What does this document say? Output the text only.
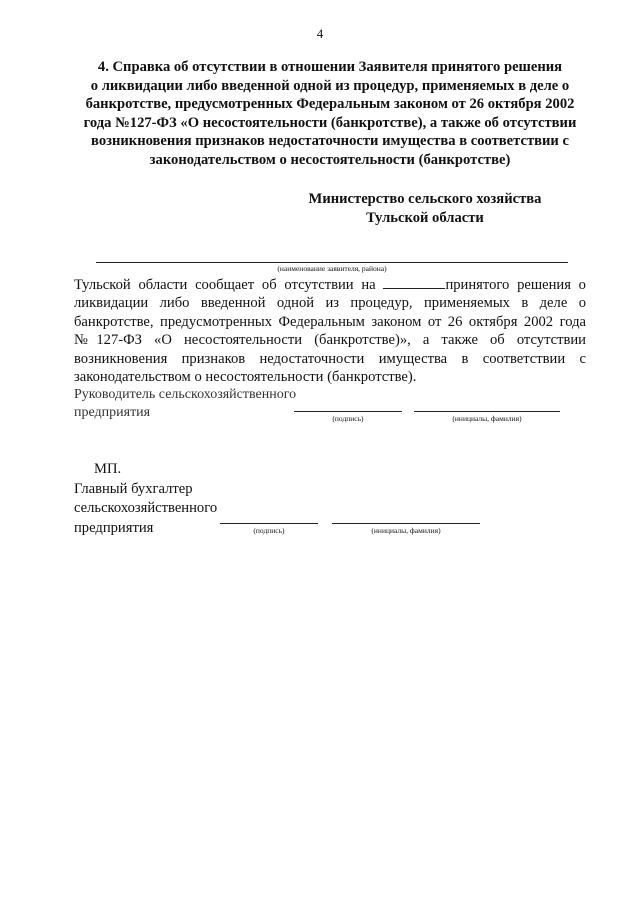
4
4. Справка об отсутствии в отношении Заявителя принятого решения
о ликвидации либо введенной одной из процедур, применяемых в деле о
банкротстве, предусмотренных Федеральным законом от 26 октября 2002
года №127-ФЗ «О несостоятельности (банкротстве), а также об отсутствии
возникновения признаков недостаточности имущества в соответствии с
законодательством о несостоятельности (банкротстве)
Министерство сельского хозяйства
Тульской области
(наименование заявителя, района)
Тульской области сообщает об отсутствии на	принятого решения о ликвидации либо введенной одной из процедур, применяемых в деле о банкротстве, предусмотренных Федеральным законом от 26 октября 2002 года №127-ФЗ «О несостоятельности (банкротстве)», а также об отсутствии возникновения признаков недостаточности имущества в соответствии с законодательством о несостоятельности (банкротстве).
Руководитель сельскохозяйственного
предприятия	(подпись)	(инициалы, фамилия)
МП.
Главный бухгалтер
сельскохозяйственного
предприятия	(подпись)	(инициалы, фамилия)
